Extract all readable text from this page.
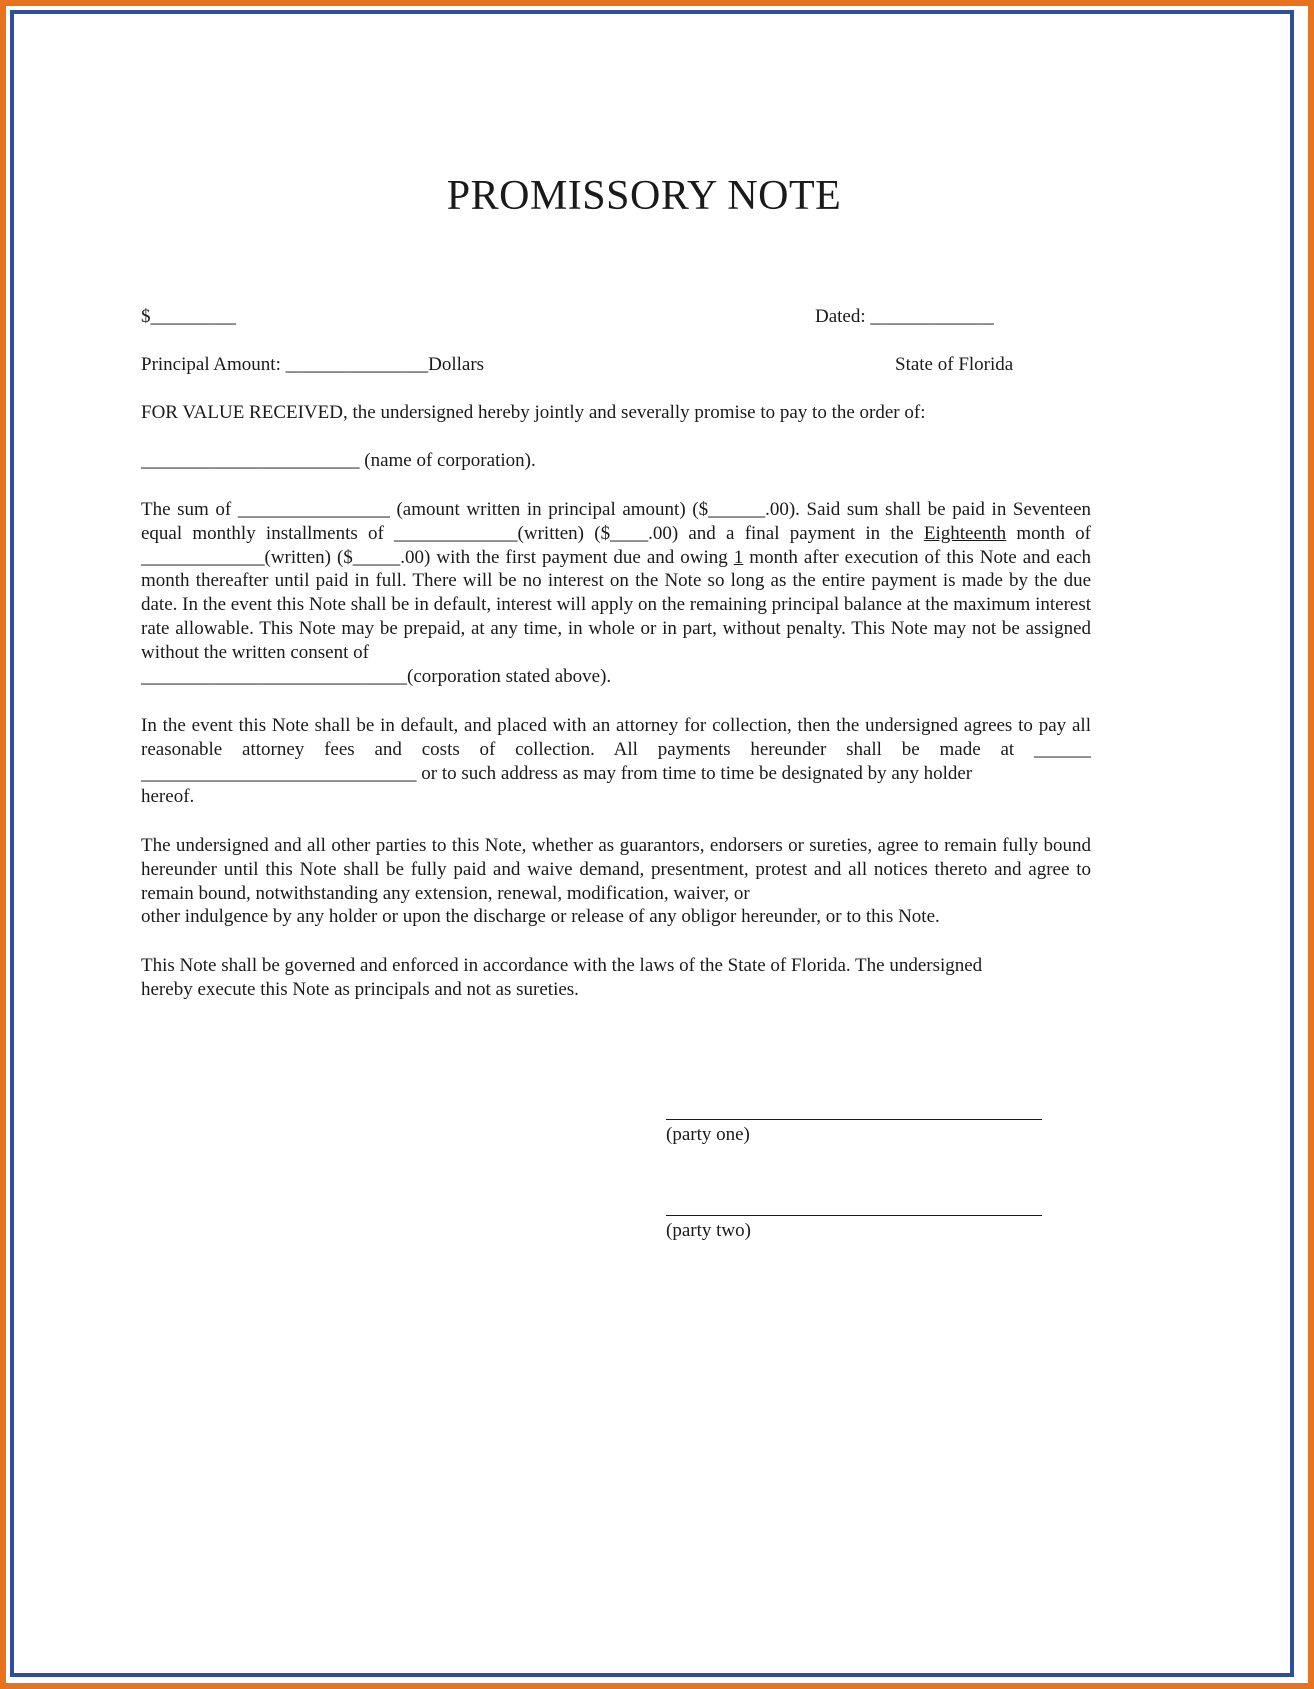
PROMISSORY NOTE
$_________	Dated: _____________
Principal Amount: _______________Dollars	State of Florida
FOR VALUE RECEIVED, the undersigned hereby jointly and severally promise to pay to the order of:
_______________________ (name of corporation).
The sum of ________________ (amount written in principal amount) ($______.00). Said sum shall be paid in Seventeen equal monthly installments of _____________(written) ($____.00) and a final payment in the Eighteenth month of _____________(written) ($_____.00) with the first payment due and owing 1 month after execution of this Note and each month thereafter until paid in full. There will be no interest on the Note so long as the entire payment is made by the due date. In the event this Note shall be in default, interest will apply on the remaining principal balance at the maximum interest rate allowable. This Note may be prepaid, at any time, in whole or in part, without penalty. This Note may not be assigned without the written consent of
____________________________(corporation stated above).
In the event this Note shall be in default, and placed with an attorney for collection, then the undersigned agrees to pay all reasonable attorney fees and costs of collection. All payments hereunder shall be made at ______ _____________________________ or to such address as may from time to time be designated by any holder
hereof.
The undersigned and all other parties to this Note, whether as guarantors, endorsers or sureties, agree to remain fully bound hereunder until this Note shall be fully paid and waive demand, presentment, protest and all notices thereto and agree to remain bound, notwithstanding any extension, renewal, modification, waiver, or
other indulgence by any holder or upon the discharge or release of any obligor hereunder, or to this Note.
This Note shall be governed and enforced in accordance with the laws of the State of Florida. The undersigned
hereby execute this Note as principals and not as sureties.
(party one)
(party two)
